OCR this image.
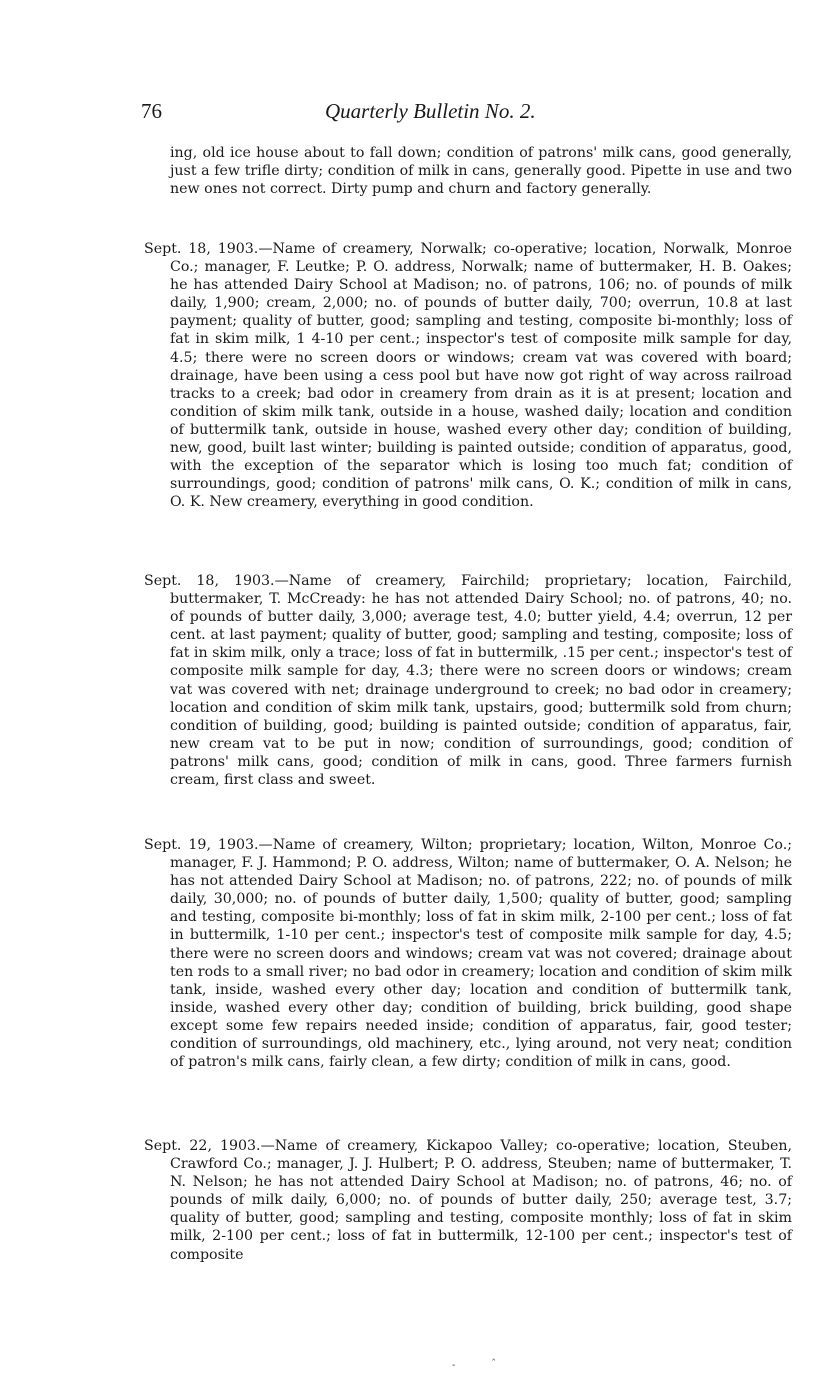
76	Quarterly Bulletin No. 2.

ing, old ice house about to fall down; condition of patrons' milk cans, good generally, just a few trifle dirty; condition of milk in cans, generally good. Pipette in use and two new ones not correct. Dirty pump and churn and factory generally.

Sept. 18, 1903.—Name of creamery, Norwalk; co-operative; location, Norwalk, Monroe Co.; manager, F. Leutke; P. O. address, Norwalk; name of buttermaker, H. B. Oakes; he has attended Dairy School at Madison; no. of patrons, 106; no. of pounds of milk daily, 1,900; cream, 2,000; no. of pounds of butter daily, 700; overrun, 10.8 at last payment; quality of butter, good; sampling and testing, composite bi-monthly; loss of fat in skim milk, 1 4-10 per cent.; inspector's test of composite milk sample for day, 4.5; there were no screen doors or windows; cream vat was covered with board; drainage, have been using a cess pool but have now got right of way across railroad tracks to a creek; bad odor in creamery from drain as it is at present; location and condition of skim milk tank, outside in a house, washed daily; location and condition of buttermilk tank, outside in house, washed every other day; condition of building, new, good, built last winter; building is painted outside; condition of apparatus, good, with the exception of the separator which is losing too much fat; condition of surroundings, good; condition of patrons' milk cans, O. K.; condition of milk in cans, O. K. New creamery, everything in good condition.

Sept. 18, 1903.—Name of creamery, Fairchild; proprietary; location, Fairchild, buttermaker, T. McCready: he has not attended Dairy School; no. of patrons, 40; no. of pounds of butter daily, 3,000; average test, 4.0; butter yield, 4.4; overrun, 12 per cent. at last payment; quality of butter, good; sampling and testing, composite; loss of fat in skim milk, only a trace; loss of fat in buttermilk, .15 per cent.; inspector's test of composite milk sample for day, 4.3; there were no screen doors or windows; cream vat was covered with net; drainage underground to creek; no bad odor in creamery; location and condition of skim milk tank, upstairs, good; buttermilk sold from churn; condition of building, good; building is painted outside; condition of apparatus, fair, new cream vat to be put in now; condition of surroundings, good; condition of patrons' milk cans, good; condition of milk in cans, good. Three farmers furnish cream, first class and sweet.

Sept. 19, 1903.—Name of creamery, Wilton; proprietary; location, Wilton, Monroe Co.; manager, F. J. Hammond; P. O. address, Wilton; name of buttermaker, O. A. Nelson; he has not attended Dairy School at Madison; no. of patrons, 222; no. of pounds of milk daily, 30,000; no. of pounds of butter daily, 1,500; quality of butter, good; sampling and testing, composite bi-monthly; loss of fat in skim milk, 2-100 per cent.; loss of fat in buttermilk, 1-10 per cent.; inspector's test of composite milk sample for day, 4.5; there were no screen doors and windows; cream vat was not covered; drainage about ten rods to a small river; no bad odor in creamery; location and condition of skim milk tank, inside, washed every other day; location and condition of buttermilk tank, inside, washed every other day; condition of building, brick building, good shape except some few repairs needed inside; condition of apparatus, fair, good tester; condition of surroundings, old machinery, etc., lying around, not very neat; condition of patron's milk cans, fairly clean, a few dirty; condition of milk in cans, good.

Sept. 22, 1903.—Name of creamery, Kickapoo Valley; co-operative; location, Steuben, Crawford Co.; manager, J. J. Hulbert; P. O. address, Steuben; name of buttermaker, T. N. Nelson; he has not attended Dairy School at Madison; no. of patrons, 46; no. of pounds of milk daily, 6,000; no. of pounds of butter daily, 250; average test, 3.7; quality of butter, good; sampling and testing, composite monthly; loss of fat in skim milk, 2-100 per cent.; loss of fat in buttermilk, 12-100 per cent.; inspector's test of composite

-
‸
